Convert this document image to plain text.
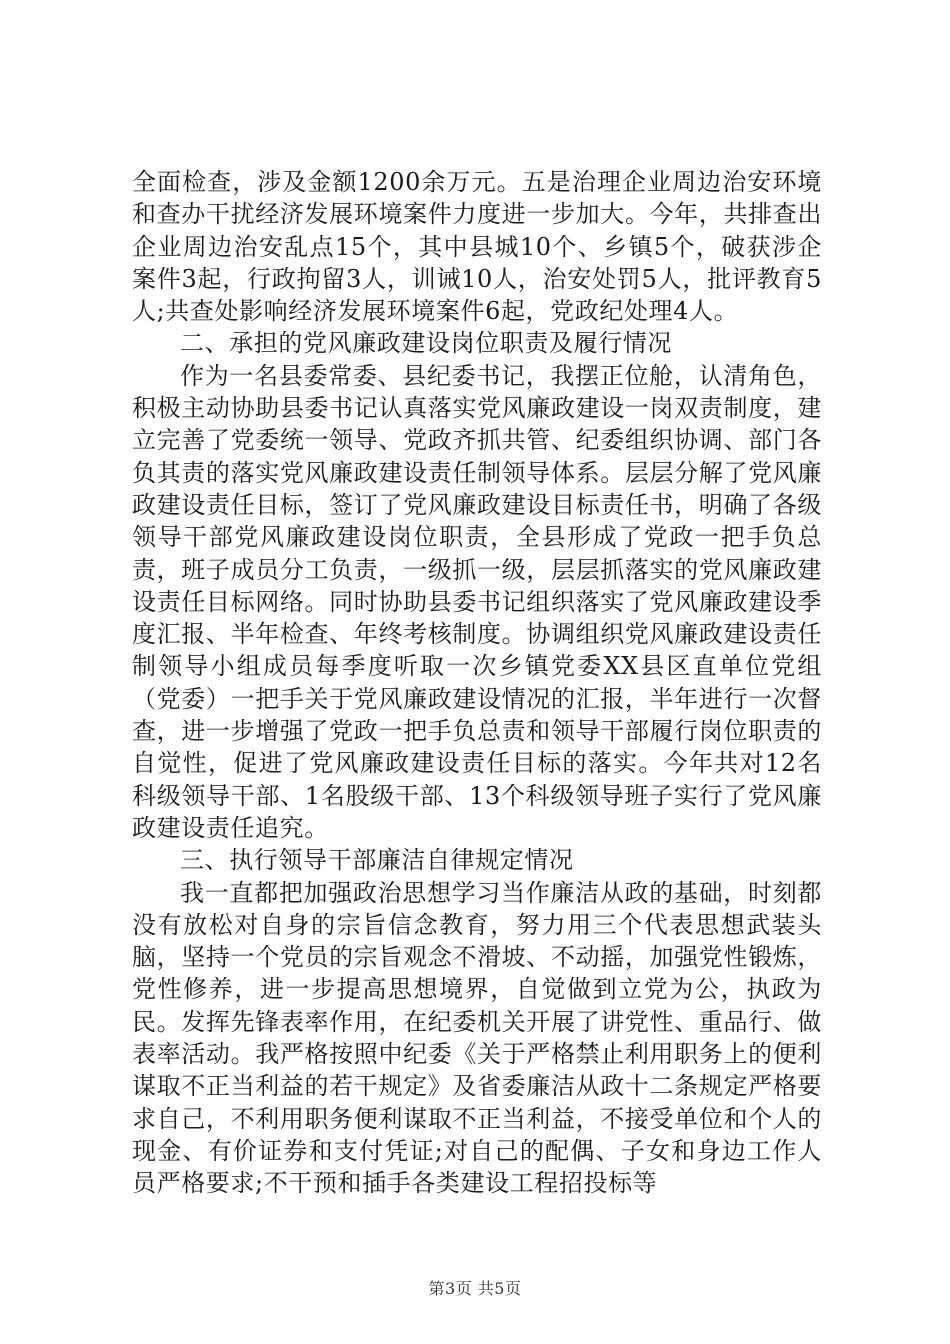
全面检查，涉及金额1200余万元。五是治理企业周边治安环境和查办干扰经济发展环境案件力度进一步加大。今年，共排查出企业周边治安乱点15个，其中县城10个、乡镇5个，破获涉企案件3起，行政拘留3人，训诫10人，治安处罚5人，批评教育5人;共查处影响经济发展环境案件6起，党政纪处理4人。

二、承担的党风廉政建设岗位职责及履行情况

作为一名县委常委、县纪委书记，我摆正位舱，认清角色，积极主动协助县委书记认真落实党风廉政建设一岗双责制度，建立完善了党委统一领导、党政齐抓共管、纪委组织协调、部门各负其责的落实党风廉政建设责任制领导体系。层层分解了党风廉政建设责任目标，签订了党风廉政建设目标责任书，明确了各级领导干部党风廉政建设岗位职责，全县形成了党政一把手负总责，班子成员分工负责，一级抓一级，层层抓落实的党风廉政建设责任目标网络。同时协助县委书记组织落实了党风廉政建设季度汇报、半年检查、年终考核制度。协调组织党风廉政建设责任制领导小组成员每季度听取一次乡镇党委XX县区直单位党组（党委）一把手关于党风廉政建设情况的汇报，半年进行一次督查，进一步增强了党政一把手负总责和领导干部履行岗位职责的自觉性，促进了党风廉政建设责任目标的落实。今年共对12名科级领导干部、1名股级干部、13个科级领导班子实行了党风廉政建设责任追究。

三、执行领导干部廉洁自律规定情况

我一直都把加强政治思想学习当作廉洁从政的基础，时刻都没有放松对自身的宗旨信念教育，努力用三个代表思想武装头脑，坚持一个党员的宗旨观念不滑坡、不动摇，加强党性锻炼，党性修养，进一步提高思想境界，自觉做到立党为公，执政为民。发挥先锋表率作用，在纪委机关开展了讲党性、重品行、做表率活动。我严格按照中纪委《关于严格禁止利用职务上的便利谋取不正当利益的若干规定》及省委廉洁从政十二条规定严格要求自己，不利用职务便利谋取不正当利益，不接受单位和个人的现金、有价证券和支付凭证;对自己的配偶、子女和身边工作人员严格要求;不干预和插手各类建设工程招投标等

第3页 共5页
